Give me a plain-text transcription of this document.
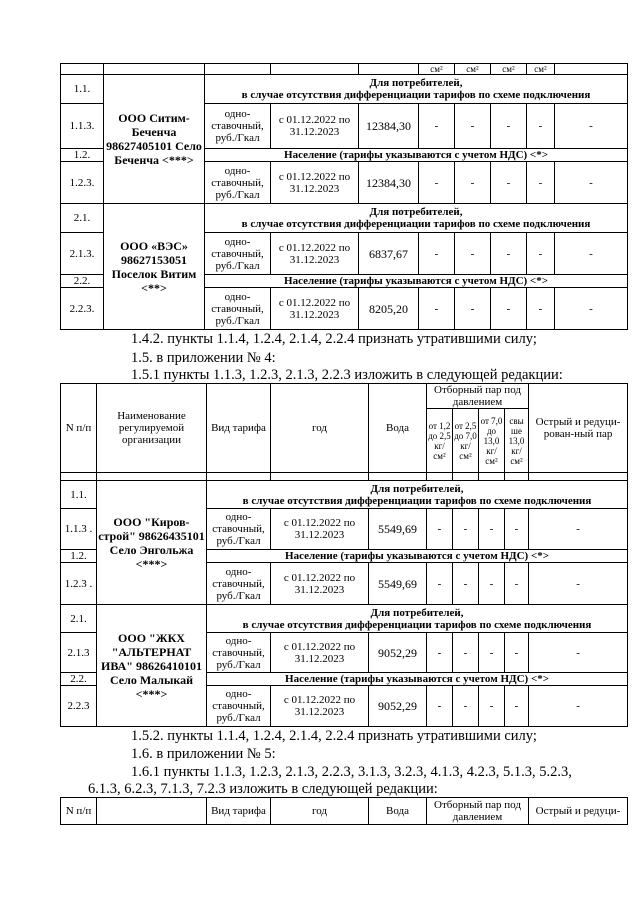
					см²	см²	см²	см²	
1.1.	ООО Ситим-Беченча 98627405101 Село Беченча <***>	Для потребителей,
в случае отсутствия дифференциации тарифов по схеме подключения							
1.1.3.		одно-ставочный, руб./Гкал	с 01.12.2022 по 31.12.2023	12384,30	-	-	-	-	-
1.2.		Население (тарифы указываются с учетом НДС) <*>							
1.2.3.		одно-ставочный, руб./Гкал	с 01.12.2022 по 31.12.2023	12384,30	-	-	-	-	-
2.1.	ООО «ВЭС» 98627153051 Поселок Витим <**>	Для потребителей,
в случае отсутствия дифференциации тарифов по схеме подключения							
2.1.3.		одно-ставочный, руб./Гкал	с 01.12.2022 по 31.12.2023	6837,67	-	-	-	-	-
2.2.		Население (тарифы указываются с учетом НДС) <*>							
2.2.3.		одно-ставочный, руб./Гкал	с 01.12.2022 по 31.12.2023	8205,20	-	-	-	-	-
1.4.2. пункты 1.1.4, 1.2.4, 2.1.4, 2.2.4 признать утратившими силу;
1.5. в приложении № 4:
1.5.1 пункты 1.1.3, 1.2.3, 2.1.3, 2.2.3 изложить в следующей редакции:
N п/п	Наименование регулируемой организации	Вид тарифа	год	Вода	Отборный пар под давлением				Острый и редуци-рован-ный пар
					от 1,2 до 2,5 кг/ см²	от 2,5 до 7,0 кг/ см²	от 7,0 до 13,0 кг/ см²	свы ше 13,0 кг/ см²	

1.1.	ООО "Киров-строй" 98626435101 Село Энгольжа <***>	Для потребителей,
в случае отсутствия дифференциации тарифов по схеме подключения							
1.1.3 .		одно-ставочный, руб./Гкал	с 01.12.2022 по 31.12.2023	5549,69	-	-	-	-	-
1.2.		Население (тарифы указываются с учетом НДС) <*>							
1.2.3 .		одно-ставочный, руб./Гкал	с 01.12.2022 по 31.12.2023	5549,69	-	-	-	-	-
2.1.	ООО "ЖКХ "АЛЬТЕРНАТ ИВА" 98626410101 Село Малыкай <***>	Для потребителей,
в случае отсутствия дифференциации тарифов по схеме подключения							
2.1.3		одно-ставочный, руб./Гкал	с 01.12.2022 по 31.12.2023	9052,29	-	-	-	-	-
2.2.		Население (тарифы указываются с учетом НДС) <*>							
2.2.3		одно-ставочный, руб./Гкал	с 01.12.2022 по 31.12.2023	9052,29	-	-	-	-	-
1.5.2. пункты 1.1.4, 1.2.4, 2.1.4, 2.2.4 признать утратившими силу;
1.6. в приложении № 5:
1.6.1 пункты 1.1.3, 1.2.3, 2.1.3, 2.2.3, 3.1.3, 3.2.3, 4.1.3, 4.2.3, 5.1.3, 5.2.3,
6.1.3, 6.2.3, 7.1.3, 7.2.3 изложить в следующей редакции:
N п/п		Вид тарифа	год	Вода	Отборный пар под давлением	Острый и редуци-
